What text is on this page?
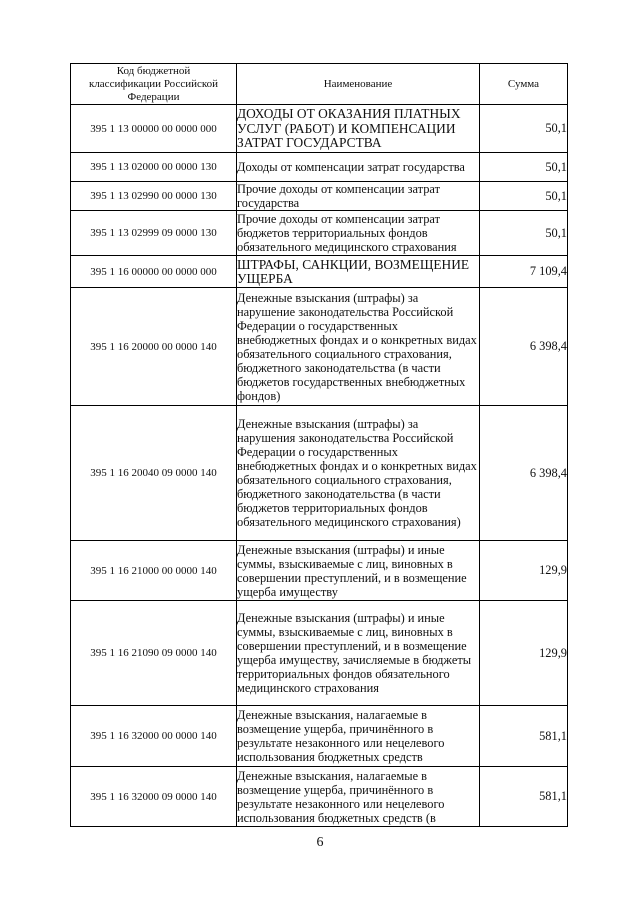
Код бюджетной классификации Российской Федерации	Наименование	Сумма
395 1 13 00000 00 0000 000	ДОХОДЫ ОТ ОКАЗАНИЯ ПЛАТНЫХ УСЛУГ (РАБОТ) И КОМПЕНСАЦИИ ЗАТРАТ ГОСУДАРСТВА	50,1
395 1 13 02000 00 0000 130	Доходы от компенсации затрат государства	50,1
395 1 13 02990 00 0000 130	Прочие доходы от компенсации затрат государства	50,1
395 1 13 02999 09 0000 130	Прочие доходы от компенсации затрат бюджетов территориальных фондов обязательного медицинского страхования	50,1
395 1 16 00000 00 0000 000	ШТРАФЫ, САНКЦИИ, ВОЗМЕЩЕНИЕ УЩЕРБА	7 109,4
395 1 16 20000 00 0000 140	Денежные взыскания (штрафы) за нарушение законодательства Российской Федерации о государственных внебюджетных фондах и о конкретных видах обязательного социального страхования, бюджетного законодательства (в части бюджетов государственных внебюджетных фондов)	6 398,4
395 1 16 20040 09 0000 140	Денежные взыскания (штрафы) за нарушения законодательства Российской Федерации о государственных внебюджетных фондах и о конкретных видах обязательного социального страхования, бюджетного законодательства (в части бюджетов территориальных фондов обязательного медицинского страхования)	6 398,4
395 1 16 21000 00 0000 140	Денежные взыскания (штрафы) и иные суммы, взыскиваемые с лиц, виновных в совершении преступлений, и в возмещение ущерба имуществу	129,9
395 1 16 21090 09 0000 140	Денежные взыскания (штрафы) и иные суммы, взыскиваемые с лиц, виновных в совершении преступлений, и в возмещение ущерба имуществу, зачисляемые в бюджеты территориальных фондов обязательного медицинского страхования	129,9
395 1 16 32000 00 0000 140	Денежные взыскания, налагаемые в возмещение ущерба, причинённого в результате незаконного или нецелевого использования бюджетных средств	581,1
395 1 16 32000 09 0000 140	Денежные взыскания, налагаемые в возмещение ущерба, причинённого в результате незаконного или нецелевого использования бюджетных средств (в	581,1
6
